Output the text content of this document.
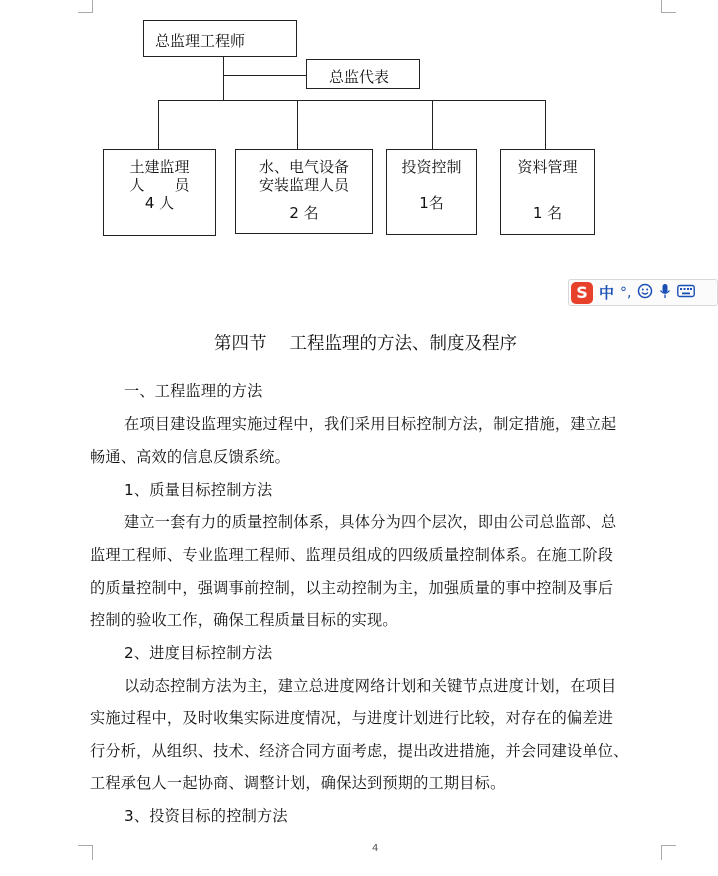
总监理工程师
总监代表
土建监理
人　　员
4 人
水、电气设备
安装监理人员
2 名
投资控制
1名
资料管理
1 名
S 中 °,
第四节　 工程监理的方法、制度及程序
一、工程监理的方法
在项目建设监理实施过程中，我们采用目标控制方法，制定措施，建立起
畅通、高效的信息反馈系统。
1、质量目标控制方法
建立一套有力的质量控制体系，具体分为四个层次，即由公司总监部、总
监理工程师、专业监理工程师、监理员组成的四级质量控制体系。在施工阶段
的质量控制中，强调事前控制，以主动控制为主，加强质量的事中控制及事后
控制的验收工作，确保工程质量目标的实现。
2、进度目标控制方法
以动态控制方法为主，建立总进度网络计划和关键节点进度计划，在项目
实施过程中，及时收集实际进度情况，与进度计划进行比较，对存在的偏差进
行分析，从组织、技术、经济合同方面考虑，提出改进措施，并会同建设单位、
工程承包人一起协商、调整计划，确保达到预期的工期目标。
3、投资目标的控制方法
4
